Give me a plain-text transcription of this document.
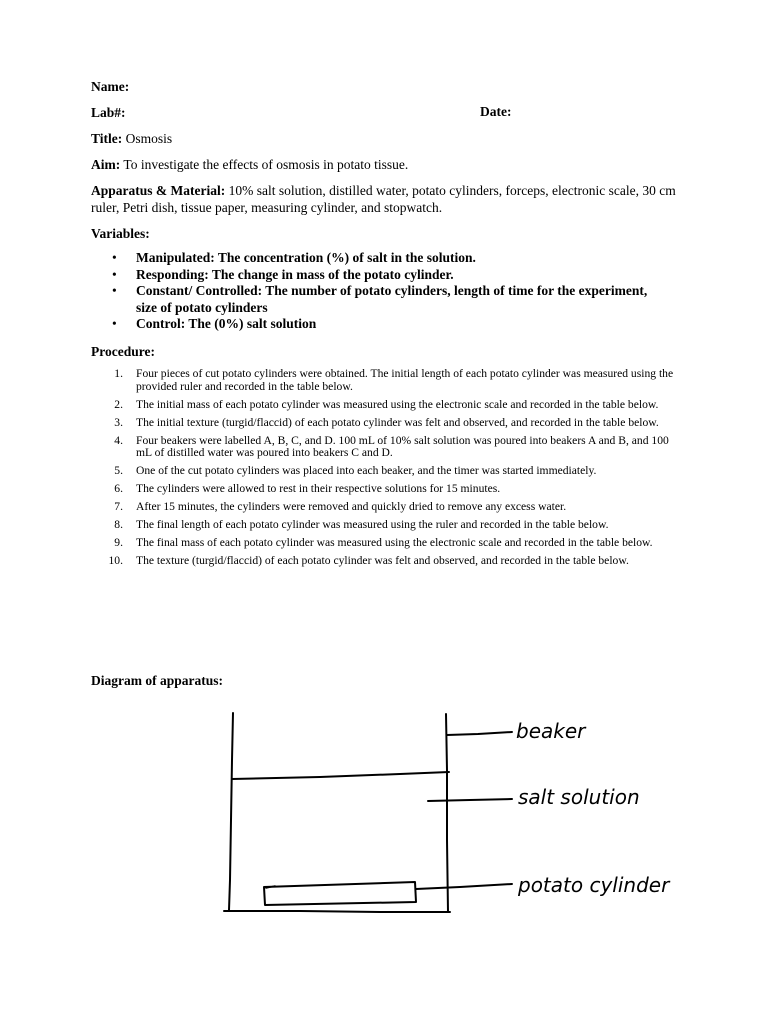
Name:
Lab#:	Date:
Title: Osmosis
Aim: To investigate the effects of osmosis in potato tissue.
Apparatus & Material: 10% salt solution, distilled water, potato cylinders, forceps, electronic scale, 30 cm ruler, Petri dish, tissue paper, measuring cylinder, and stopwatch.
Variables:
• Manipulated: The concentration (%) of salt in the solution.
• Responding: The change in mass of the potato cylinder.
• Constant/ Controlled: The number of potato cylinders, length of time for the experiment, size of potato cylinders
• Control: The (0%) salt solution
Procedure:
1. Four pieces of cut potato cylinders were obtained. The initial length of each potato cylinder was measured using the provided ruler and recorded in the table below.
2. The initial mass of each potato cylinder was measured using the electronic scale and recorded in the table below.
3. The initial texture (turgid/flaccid) of each potato cylinder was felt and observed, and recorded in the table below.
4. Four beakers were labelled A, B, C, and D. 100 mL of 10% salt solution was poured into beakers A and B, and 100 mL of distilled water was poured into beakers C and D.
5. One of the cut potato cylinders was placed into each beaker, and the timer was started immediately.
6. The cylinders were allowed to rest in their respective solutions for 15 minutes.
7. After 15 minutes, the cylinders were removed and quickly dried to remove any excess water.
8. The final length of each potato cylinder was measured using the ruler and recorded in the table below.
9. The final mass of each potato cylinder was measured using the electronic scale and recorded in the table below.
10. The texture (turgid/flaccid) of each potato cylinder was felt and observed, and recorded in the table below.
Diagram of apparatus:
beaker
salt solution
potato cylinder
